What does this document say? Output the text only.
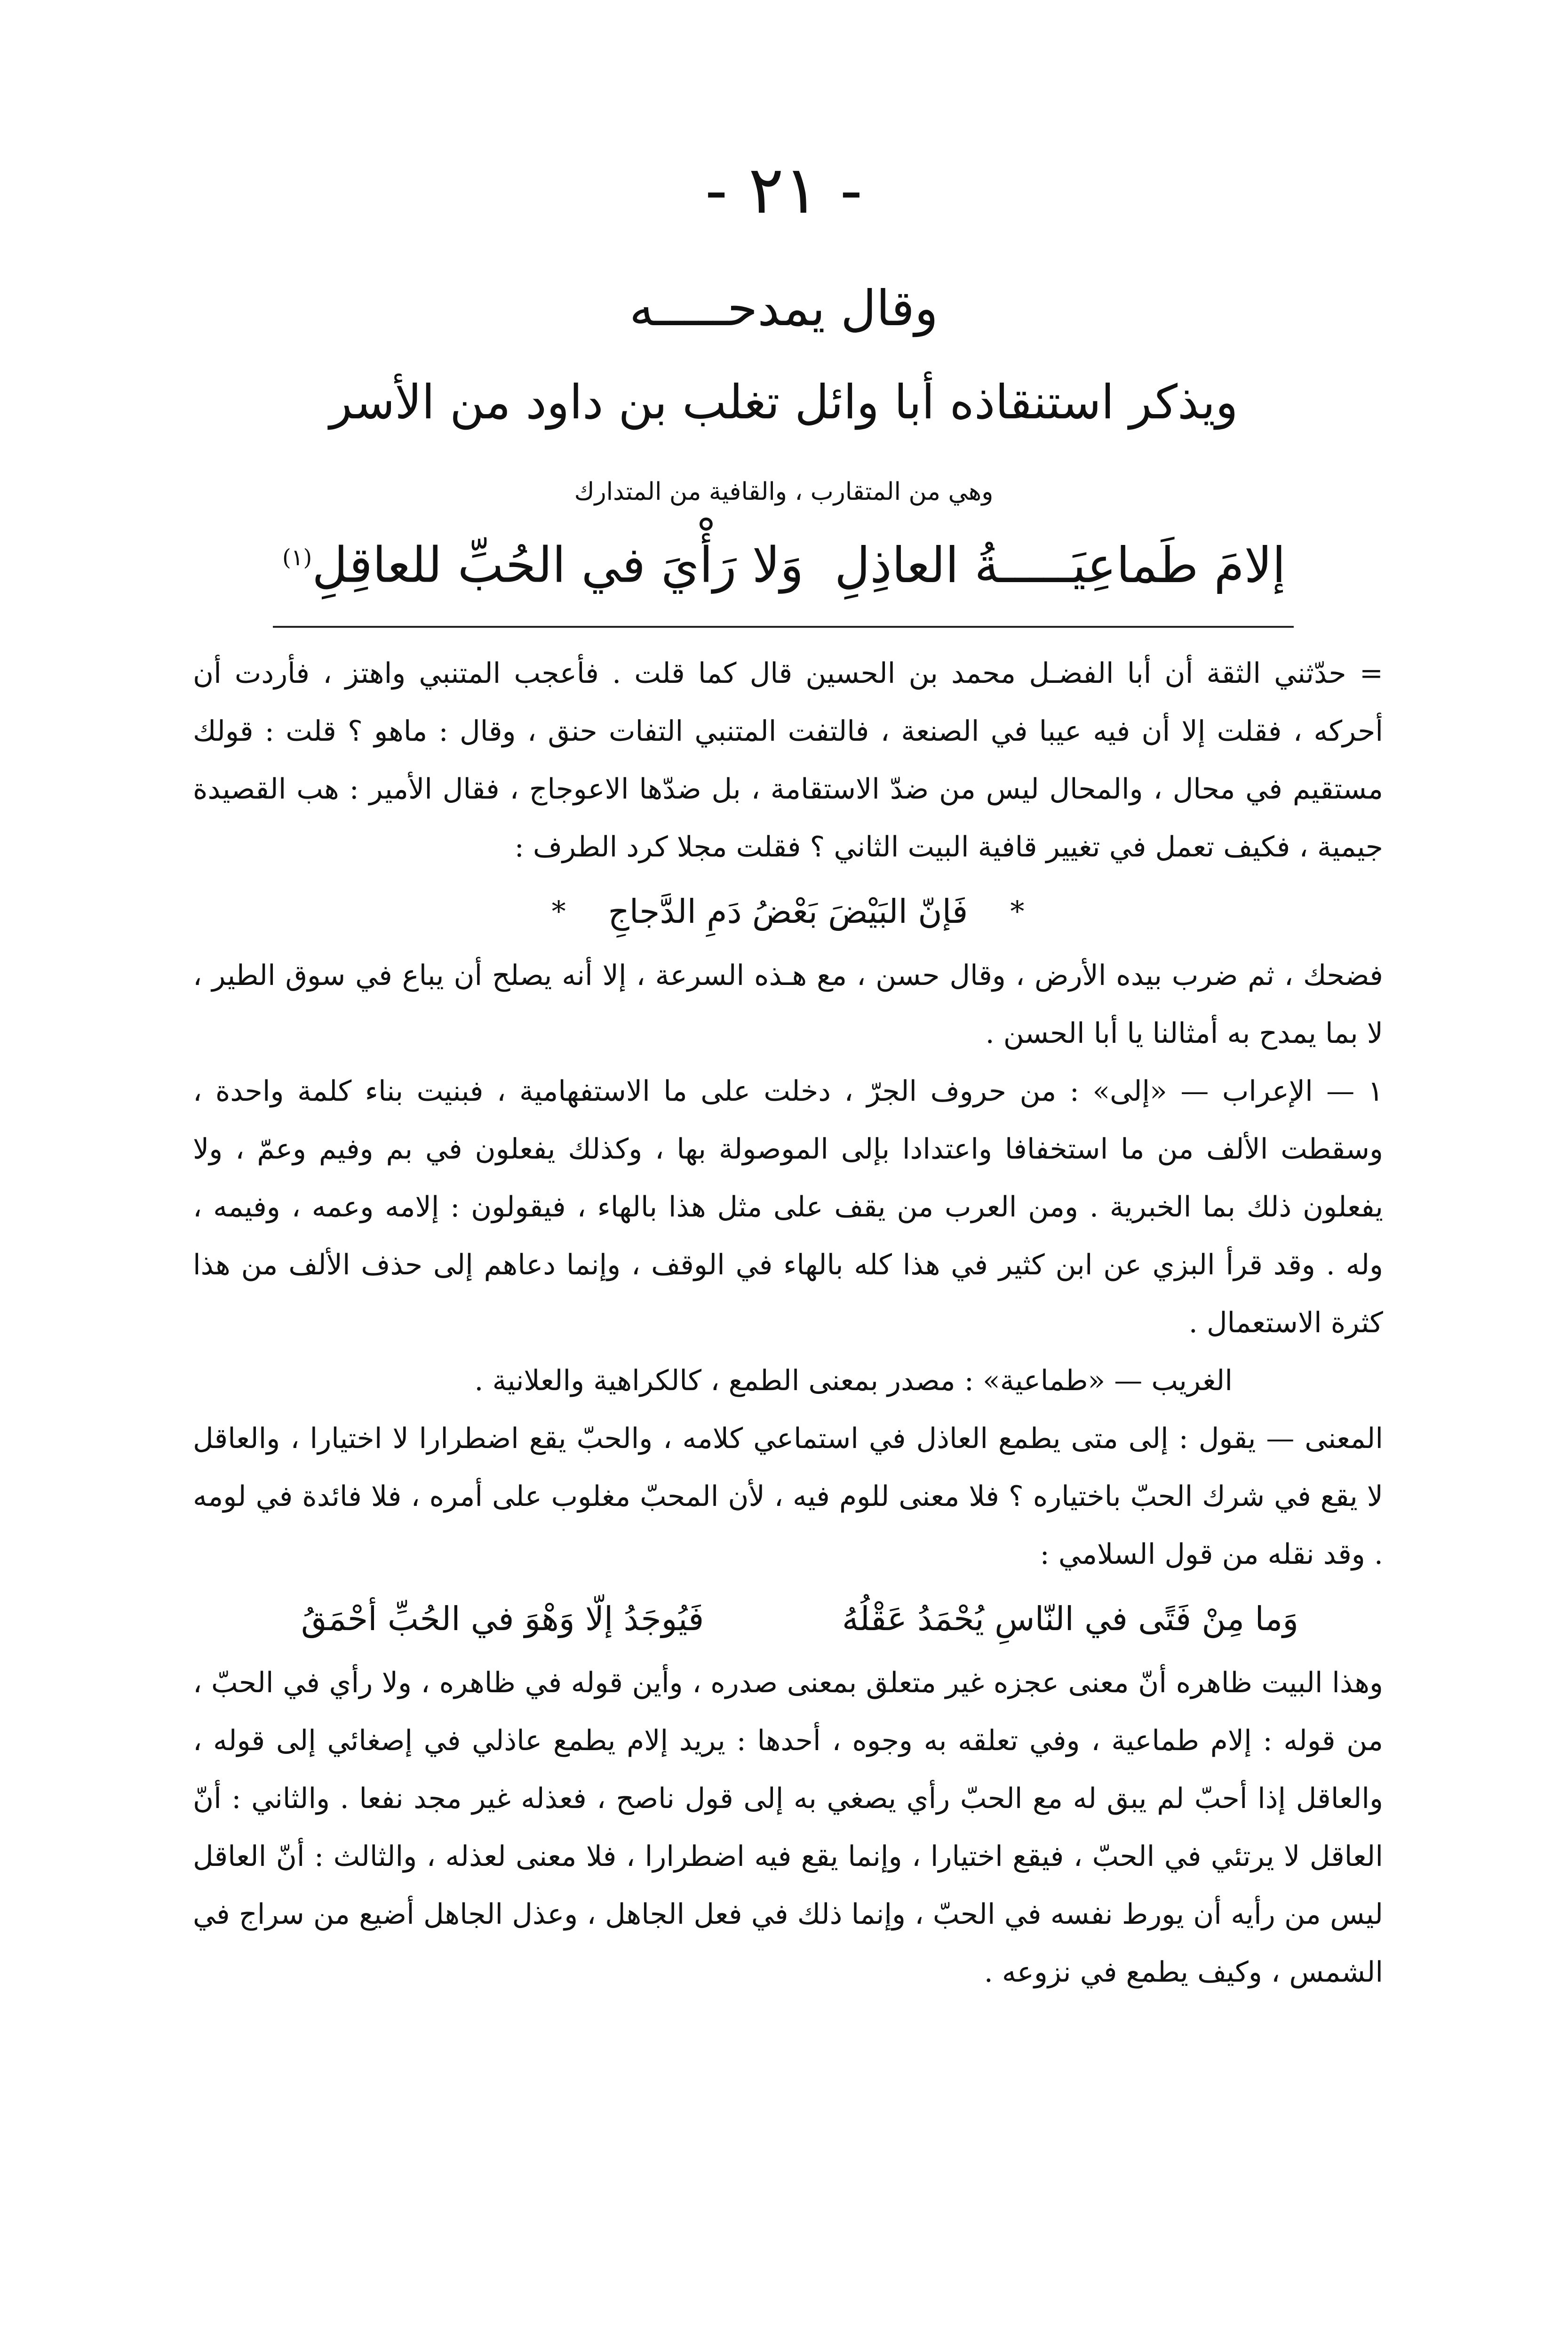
- ٢١ -
وقال يمدحـــــه
ويذكر استنقاذه أبا وائل تغلب بن داود من الأسر
وهي من المتقارب ، والقافية من المتدارك
إلامَ طَماعِيَـــــةُ العاذِلِ
وَلا رَأْيَ في الحُبِّ للعاقِلِ$^{(١)}$

= حدّثني الثقة أن أبا الفضـل محمد بن الحسين قال كما قلت . فأعجب المتنبي واهتز ، فأردت أن أحركه ، فقلت إلا أن فيه عيبا في الصنعة ، فالتفت المتنبي التفات حنق ، وقال : ماهو ؟ قلت : قولك مستقيم في محال ، والمحال ليس من ضدّ الاستقامة ، بل ضدّها الاعوجاج ، فقال الأمير : هب القصيدة جيمية ، فكيف تعمل في تغيير قافية البيت الثاني ؟ فقلت مجلا كرد الطرف :

*
فَإنّ البَيْضَ بَعْضُ دَمِ الدَّجاجِ
*

فضحك ، ثم ضرب بيده الأرض ، وقال حسن ، مع هـذه السرعة ، إلا أنه يصلح أن يباع في سوق الطير ، لا بما يمدح به أمثالنا يا أبا الحسن .

١ — الإعراب — «إلى» : من حروف الجرّ ، دخلت على ما الاستفهامية ، فبنيت بناء كلمة واحدة ، وسقطت الألف من ما استخفافا واعتدادا بإلى الموصولة بها ، وكذلك يفعلون في بم وفيم وعمّ ، ولا يفعلون ذلك بما الخبرية . ومن العرب من يقف على مثل هذا بالهاء ، فيقولون : إلامه وعمه ، وفيمه ، وله . وقد قرأ البزي عن ابن كثير في هذا كله بالهاء في الوقف ، وإنما دعاهم إلى حذف الألف من هذا كثرة الاستعمال .

الغريب — «طماعية» : مصدر بمعنى الطمع ، كالكراهية والعلانية .

المعنى — يقول : إلى متى يطمع العاذل في استماعي كلامه ، والحبّ يقع اضطرارا لا اختيارا ، والعاقل لا يقع في شرك الحبّ باختياره ؟ فلا معنى للوم فيه ، لأن المحبّ مغلوب على أمره ، فلا فائدة في لومه . وقد نقله من قول السلامي :

وَما مِنْ فَتًى في النّاسِ يُحْمَدُ عَقْلُهُ
فَيُوجَدُ إلّا وَهْوَ في الحُبِّ أحْمَقُ

وهذا البيت ظاهره أنّ معنى عجزه غير متعلق بمعنى صدره ، وأين قوله في ظاهره ، ولا رأي في الحبّ ، من قوله : إلام طماعية ، وفي تعلقه به وجوه ، أحدها : يريد إلام يطمع عاذلي في إصغائي إلى قوله ، والعاقل إذا أحبّ لم يبق له مع الحبّ رأي يصغي به إلى قول ناصح ، فعذله غير مجد نفعا . والثاني : أنّ العاقل لا يرتئي في الحبّ ، فيقع اختيارا ، وإنما يقع فيه اضطرارا ، فلا معنى لعذله ، والثالث : أنّ العاقل ليس من رأيه أن يورط نفسه في الحبّ ، وإنما ذلك في فعل الجاهل ، وعذل الجاهل أضيع من سراج في الشمس ، وكيف يطمع في نزوعه .
